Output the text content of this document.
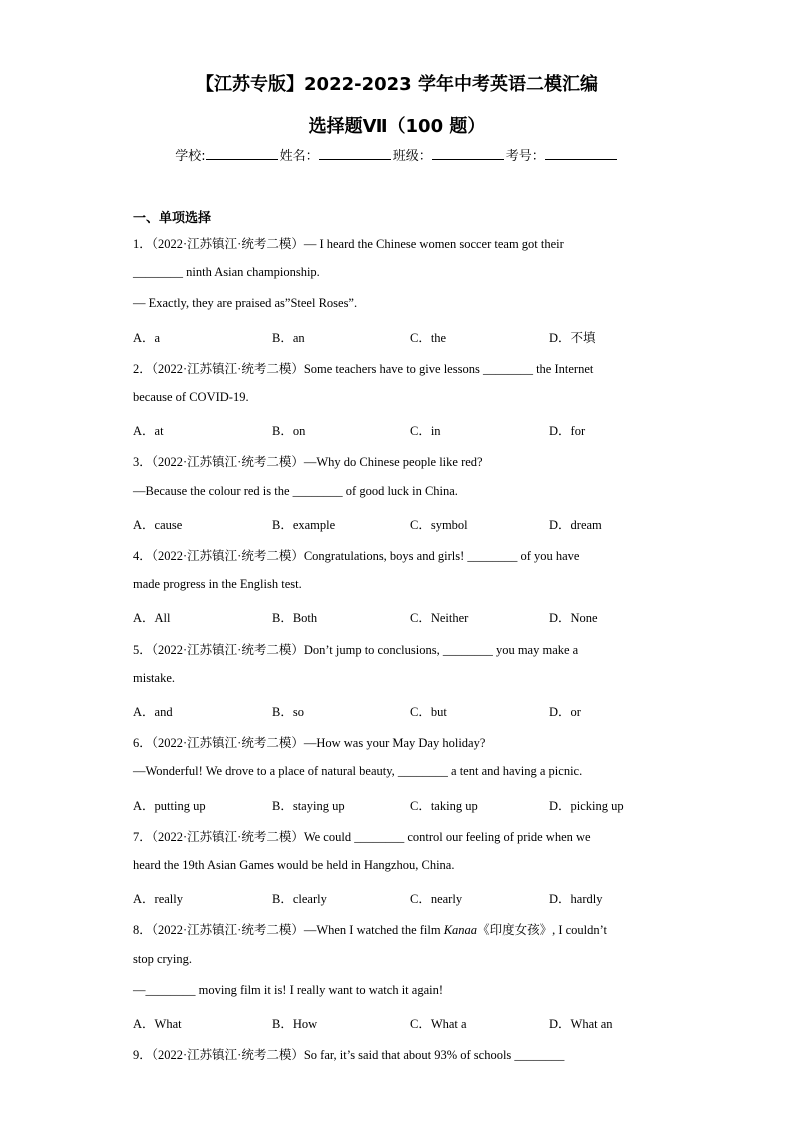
【江苏专版】2022-2023 学年中考英语二模汇编
选择题Ⅶ（100 题）
学校:	姓名：	班级：	考号：
一、单项选择
1．（2022·江苏镇江·统考二模）— I heard the Chinese women soccer team got their
________ ninth Asian championship.
— Exactly, they are praised as”Steel Roses”.
A．a	B．an	C．the	D．不填
2．（2022·江苏镇江·统考二模）Some teachers have to give lessons ________ the Internet
because of COVID-19.
A．at	B．on	C．in	D．for
3．（2022·江苏镇江·统考二模）—Why do Chinese people like red?
—Because the colour red is the ________ of good luck in China.
A．cause	B．example	C．symbol	D．dream
4．（2022·江苏镇江·统考二模）Congratulations, boys and girls! ________ of you have
made progress in the English test.
A．All	B．Both	C．Neither	D．None
5．（2022·江苏镇江·统考二模）Don’t jump to conclusions, ________ you may make a
mistake.
A．and	B．so	C．but	D．or
6．（2022·江苏镇江·统考二模）—How was your May Day holiday?
—Wonderful! We drove to a place of natural beauty, ________ a tent and having a picnic.
A．putting up	B．staying up	C．taking up	D．picking up
7．（2022·江苏镇江·统考二模）We could ________ control our feeling of pride when we
heard the 19th Asian Games would be held in Hangzhou, China.
A．really	B．clearly	C．nearly	D．hardly
8．（2022·江苏镇江·统考二模）—When I watched the film Kanaa《印度女孩》, I couldn’t
stop crying.
—________ moving film it is! I really want to watch it again!
A．What	B．How	C．What a	D．What an
9．（2022·江苏镇江·统考二模）So far, it’s said that about 93% of schools ________
